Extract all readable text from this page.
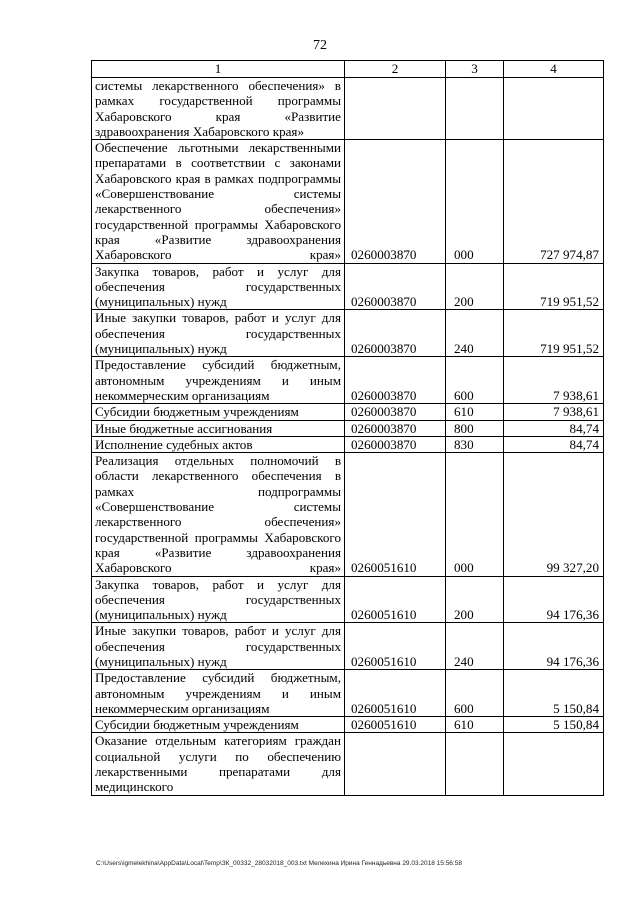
72
1	2	3	4
системы лекарственного обеспечения» в рамках государственной программы Хабаровского края «Развитие здравоохранения Хабаровского края»			
Обеспечение льготными лекарственными препаратами в соответствии с законами Хабаровского края в рамках подпрограммы «Совершенствование системы лекарственного обеспечения» государственной программы Хабаровского края «Развитие здравоохранения Хабаровского края»	0260003870	000	727 974,87
Закупка товаров, работ и услуг для обеспечения государственных (муниципальных) нужд	0260003870	200	719 951,52
Иные закупки товаров, работ и услуг для обеспечения государственных (муниципальных) нужд	0260003870	240	719 951,52
Предоставление субсидий бюджетным, автономным учреждениям и иным некоммерческим организациям	0260003870	600	7 938,61
Субсидии бюджетным учреждениям	0260003870	610	7 938,61
Иные бюджетные ассигнования	0260003870	800	84,74
Исполнение судебных актов	0260003870	830	84,74
Реализация отдельных полномочий в области лекарственного обеспечения в рамках подпрограммы «Совершенствование системы лекарственного обеспечения» государственной программы Хабаровского края «Развитие здравоохранения Хабаровского края»	0260051610	000	99 327,20
Закупка товаров, работ и услуг для обеспечения государственных (муниципальных) нужд	0260051610	200	94 176,36
Иные закупки товаров, работ и услуг для обеспечения государственных (муниципальных) нужд	0260051610	240	94 176,36
Предоставление субсидий бюджетным, автономным учреждениям и иным некоммерческим организациям	0260051610	600	5 150,84
Субсидии бюджетным учреждениям	0260051610	610	5 150,84
Оказание отдельным категориям граждан социальной услуги по обеспечению лекарственными препаратами для медицинского			
C:\Users\igmelekhina\AppData\Local\Temp\ЗК_00332_28032018_003.txt Мелехина Ирина Геннадьевна 29.03.2018 15:56:58
